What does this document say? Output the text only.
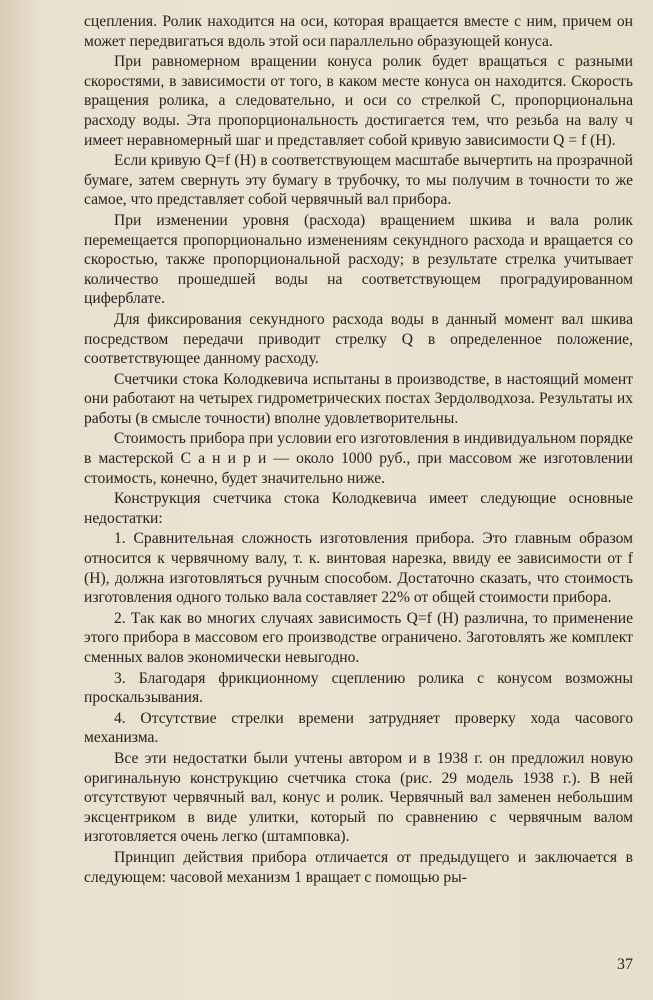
сцепления. Ролик находится на оси, которая вращается вместе с ним, причем он может передвигаться вдоль этой оси параллельно образующей конуса.

При равномерном вращении конуса ролик будет вращаться с разными скоростями, в зависимости от того, в каком месте конуса он находится. Скорость вращения ролика, а следовательно, и оси со стрелкой C, пропорциональна расходу воды. Эта пропорциональность достигается тем, что резьба на валу ч имеет неравномерный шаг и представляет собой кривую зависимости Q = f (H).

Если кривую Q=f (H) в соответствующем масштабе вычертить на прозрачной бумаге, затем свернуть эту бумагу в трубочку, то мы получим в точности то же самое, что представляет собой червячный вал прибора.

При изменении уровня (расхода) вращением шкива и вала ролик перемещается пропорционально изменениям секундного расхода и вращается со скоростью, также пропорциональной расходу; в результате стрелка учитывает количество прошедшей воды на соответствующем проградуированном циферблате.

Для фиксирования секундного расхода воды в данный момент вал шкива посредством передачи приводит стрелку Q в определенное положение, соответствующее данному расходу.

Счетчики стока Колодкевича испытаны в производстве, в настоящий момент они работают на четырех гидрометрических постах Зердолводхоза. Результаты их работы (в смысле точности) вполне удовлетворительны.

Стоимость прибора при условии его изготовления в индивидуальном порядке в мастерской С а н и р и — около 1000 руб., при массовом же изготовлении стоимость, конечно, будет значительно ниже.

Конструкция счетчика стока Колодкевича имеет следующие основные недостатки:

1. Сравнительная сложность изготовления прибора. Это главным образом относится к червячному валу, т. к. винтовая нарезка, ввиду ее зависимости от f (H), должна изготовляться ручным способом. Достаточно сказать, что стоимость изготовления одного только вала составляет 22% от общей стоимости прибора.

2. Так как во многих случаях зависимость Q=f (H) различна, то применение этого прибора в массовом его производстве ограничено. Заготовлять же комплект сменных валов экономически невыгодно.

3. Благодаря фрикционному сцеплению ролика с конусом возможны проскальзывания.

4. Отсутствие стрелки времени затрудняет проверку хода часового механизма.

Все эти недостатки были учтены автором и в 1938 г. он предложил новую оригинальную конструкцию счетчика стока (рис. 29 модель 1938 г.). В ней отсутствуют червячный вал, конус и ролик. Червячный вал заменен небольшим эксцентриком в виде улитки, который по сравнению с червячным валом изготовляется очень легко (штамповка).

Принцип действия прибора отличается от предыдущего и заключается в следующем: часовой механизм 1 вращает с помощью ры-

37
